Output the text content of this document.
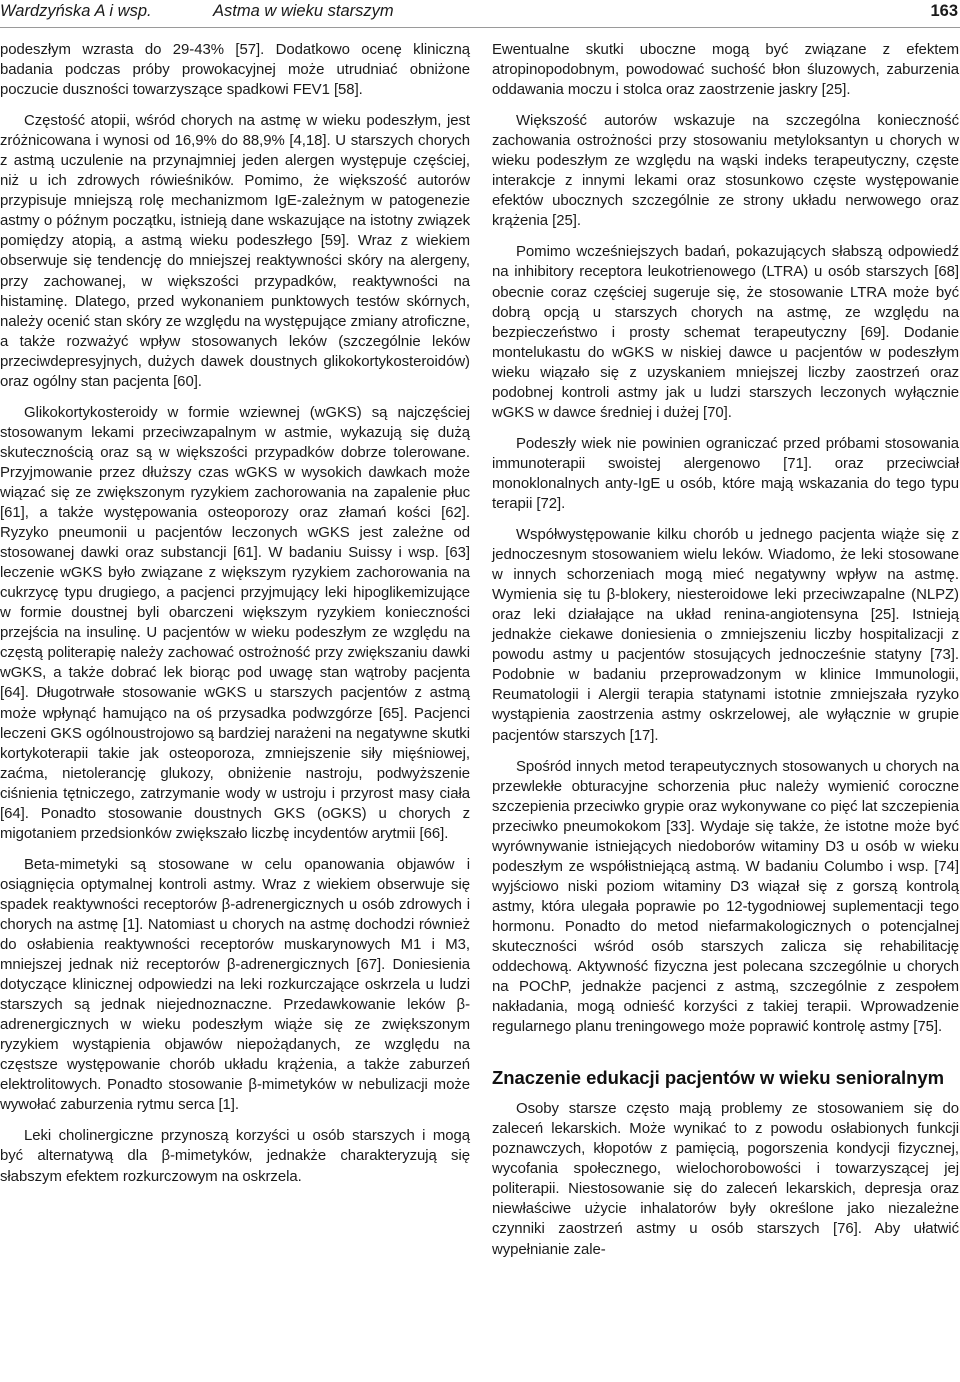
Wardzyńska A i wsp.	Astma w wieku starszym	163

podeszłym wzrasta do 29-43% [57]. Dodatkowo ocenę kliniczną badania podczas próby prowokacyjnej może utrudniać obniżone poczucie duszności towarzyszące spadkowi FEV1 [58].

Częstość atopii, wśród chorych na astmę w wieku podeszłym, jest zróżnicowana i wynosi od 16,9% do 88,9% [4,18]. U starszych chorych z astmą uczulenie na przynajmniej jeden alergen występuje częściej, niż u ich zdrowych rówieśników. Pomimo, że większość autorów przypisuje mniejszą rolę mechanizmom IgE-zależnym w patogenezie astmy o późnym początku, istnieją dane wskazujące na istotny związek pomiędzy atopią, a astmą wieku podeszłego [59]. Wraz z wiekiem obserwuje się tendencję do mniejszej reaktywności skóry na alergeny, przy zachowanej, w większości przypadków, reaktywności na histaminę. Dlatego, przed wykonaniem punktowych testów skórnych, należy ocenić stan skóry ze względu na występujące zmiany atroficzne, a także rozważyć wpływ stosowanych leków (szczególnie leków przeciwdepresyjnych, dużych dawek doustnych glikokortykosteroidów) oraz ogólny stan pacjenta [60].

Glikokortykosteroidy w formie wziewnej (wGKS) są najczęściej stosowanym lekami przeciwzapalnym w astmie, wykazują się dużą skutecznością oraz są w większości przypadków dobrze tolerowane. Przyjmowanie przez dłuższy czas wGKS w wysokich dawkach może wiązać się ze zwiększonym ryzykiem zachorowania na zapalenie płuc [61], a także występowania osteoporozy oraz złamań kości [62]. Ryzyko pneumonii u pacjentów leczonych wGKS jest zależne od stosowanej dawki oraz substancji [61]. W badaniu Suissy i wsp. [63] leczenie wGKS było związane z większym ryzykiem zachorowania na cukrzycę typu drugiego, a pacjenci przyjmujący leki hipoglikemizujące w formie doustnej byli obarczeni większym ryzykiem konieczności przejścia na insulinę. U pacjentów w wieku podeszłym ze względu na częstą politerapię należy zachować ostrożność przy zwiększaniu dawki wGKS, a także dobrać lek biorąc pod uwagę stan wątroby pacjenta [64]. Długotrwałe stosowanie wGKS u starszych pacjentów z astmą może wpłynąć hamująco na oś przysadka podwzgórze [65]. Pacjenci leczeni GKS ogólnoustrojowo są bardziej narażeni na negatywne skutki kortykoterapii takie jak osteoporoza, zmniejszenie siły mięśniowej, zaćma, nietolerancję glukozy, obniżenie nastroju, podwyższenie ciśnienia tętniczego, zatrzymanie wody w ustroju i przyrost masy ciała [64]. Ponadto stosowanie doustnych GKS (oGKS) u chorych z migotaniem przedsionków zwiększało liczbę incydentów arytmii [66].

Beta-mimetyki są stosowane w celu opanowania objawów i osiągnięcia optymalnej kontroli astmy. Wraz z wiekiem obserwuje się spadek reaktywności receptorów β-adrenergicznych u osób zdrowych i chorych na astmę [1]. Natomiast u chorych na astmę dochodzi również do osłabienia reaktywności receptorów muskarynowych M1 i M3, mniejszej jednak niż receptorów β-adrenergicznych [67]. Doniesienia dotyczące klinicznej odpowiedzi na leki rozkurczające oskrzela u ludzi starszych są jednak niejednoznaczne. Przedawkowanie leków β-adrenergicznych w wieku podeszłym wiąże się ze zwiększonym ryzykiem wystąpienia objawów niepożądanych, ze względu na częstsze występowanie chorób układu krążenia, a także zaburzeń elektrolitowych. Ponadto stosowanie β-mimetyków w nebulizacji może wywołać zaburzenia rytmu serca [1].

Leki cholinergiczne przynoszą korzyści u osób starszych i mogą być alternatywą dla β-mimetyków, jednakże charakteryzują się słabszym efektem rozkurczowym na oskrzela.

Ewentualne skutki uboczne mogą być związane z efektem atropinopodobnym, powodować suchość błon śluzowych, zaburzenia oddawania moczu i stolca oraz zaostrzenie jaskry [25].

Większość autorów wskazuje na szczególna konieczność zachowania ostrożności przy stosowaniu metyloksantyn u chorych w wieku podeszłym ze względu na wąski indeks terapeutyczny, częste interakcje z innymi lekami oraz stosunkowo częste występowanie efektów ubocznych szczególnie ze strony układu nerwowego oraz krążenia [25].

Pomimo wcześniejszych badań, pokazujących słabszą odpowiedź na inhibitory receptora leukotrienowego (LTRA) u osób starszych [68] obecnie coraz częściej sugeruje się, że stosowanie LTRA może być dobrą opcją u starszych chorych na astmę, ze względu na bezpieczeństwo i prosty schemat terapeutyczny [69]. Dodanie montelukastu do wGKS w niskiej dawce u pacjentów w podeszłym wieku wiązało się z uzyskaniem mniejszej liczby zaostrzeń oraz podobnej kontroli astmy jak u ludzi starszych leczonych wyłącznie wGKS w dawce średniej i dużej [70].

Podeszły wiek nie powinien ograniczać przed próbami stosowania immunoterapii swoistej alergenowo [71]. oraz przeciwciał monoklonalnych anty-IgE u osób, które mają wskazania do tego typu terapii [72].

Współwystępowanie kilku chorób u jednego pacjenta wiąże się z jednoczesnym stosowaniem wielu leków. Wiadomo, że leki stosowane w innych schorzeniach mogą mieć negatywny wpływ na astmę. Wymienia się tu β-blokery, niesteroidowe leki przeciwzapalne (NLPZ) oraz leki działające na układ renina-angiotensyna [25]. Istnieją jednakże ciekawe doniesienia o zmniejszeniu liczby hospitalizacji z powodu astmy u pacjentów stosujących jednocześnie statyny [73]. Podobnie w badaniu przeprowadzonym w klinice Immunologii, Reumatologii i Alergii terapia statynami istotnie zmniejszała ryzyko wystąpienia zaostrzenia astmy oskrzelowej, ale wyłącznie w grupie pacjentów starszych [17].

Spośród innych metod terapeutycznych stosowanych u chorych na przewlekłe obturacyjne schorzenia płuc należy wymienić coroczne szczepienia przeciwko grypie oraz wykonywane co pięć lat szczepienia przeciwko pneumokokom [33]. Wydaje się także, że istotne może być wyrównywanie istniejących niedoborów witaminy D3 u osób w wieku podeszłym ze współistniejącą astmą. W badaniu Columbo i wsp. [74] wyjściowo niski poziom witaminy D3 wiązał się z gorszą kontrolą astmy, która ulegała poprawie po 12-tygodniowej suplementacji tego hormonu. Ponadto do metod niefarmakologicznych o potencjalnej skuteczności wśród osób starszych zalicza się rehabilitację oddechową. Aktywność fizyczna jest polecana szczególnie u chorych na POChP, jednakże pacjenci z astmą, szczególnie z zespołem nakładania, mogą odnieść korzyści z takiej terapii. Wprowadzenie regularnego planu treningowego może poprawić kontrolę astmy [75].

Znaczenie edukacji pacjentów w wieku senioralnym

Osoby starsze często mają problemy ze stosowaniem się do zaleceń lekarskich. Może wynikać to z powodu osłabionych funkcji poznawczych, kłopotów z pamięcią, pogorszenia kondycji fizycznej, wycofania społecznego, wielochorobowości i towarzyszącej jej politerapii. Niestosowanie się do zaleceń lekarskich, depresja oraz niewłaściwe użycie inhalatorów były określone jako niezależne czynniki zaostrzeń astmy u osób starszych [76]. Aby ułatwić wypełnianie zale-
